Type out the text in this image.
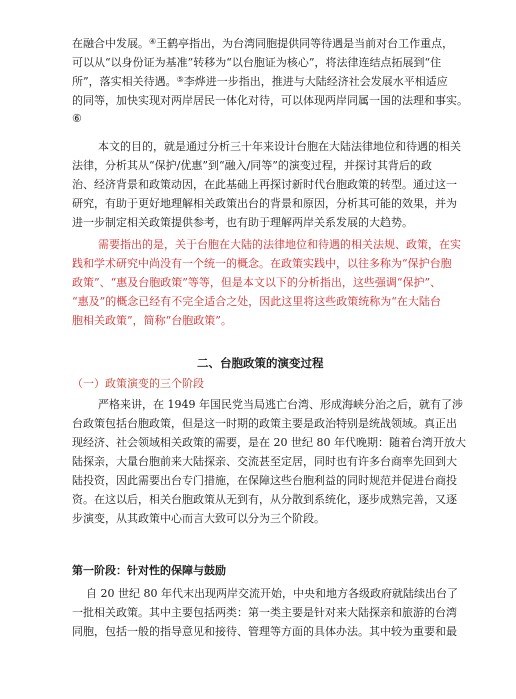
在融合中发展。④王鹤亭指出，为台湾同胞提供同等待遇是当前对台工作重点，
可以从“以身份证为基准”转移为“以台胞证为核心”，将法律连结点拓展到“住
所”，落实相关待遇。⑤李烨进一步指出，推进与大陆经济社会发展水平相适应
的同等，加快实现对两岸居民一体化对待，可以体现两岸同属一国的法理和事实。
⑥
本文的目的，就是通过分析三十年来设计台胞在大陆法律地位和待遇的相关
法律，分析其从“保护/优惠”到“融入/同等”的演变过程，并探讨其背后的政
治、经济背景和政策动因，在此基础上再探讨新时代台胞政策的转型。通过这一
研究，有助于更好地理解相关政策出台的背景和原因，分析其可能的效果，并为
进一步制定相关政策提供参考，也有助于理解两岸关系发展的大趋势。
需要指出的是，关于台胞在大陆的法律地位和待遇的相关法规、政策，在实
践和学术研究中尚没有一个统一的概念。在政策实践中，以往多称为“保护台胞
政策”、“惠及台胞政策”等等，但是本文以下的分析指出，这些强调“保护”、
“惠及”的概念已经有不完全适合之处，因此这里将这些政策统称为“在大陆台
胞相关政策”，简称“台胞政策”。
二、台胞政策的演变过程
（一）政策演变的三个阶段
严格来讲，在 1949 年国民党当局逃亡台湾、形成海峡分治之后，就有了涉
台政策包括台胞政策，但是这一时期的政策主要是政治特别是统战领域。真正出
现经济、社会领域相关政策的需要，是在 20 世纪 80 年代晚期：随着台湾开放大
陆探亲，大量台胞前来大陆探亲、交流甚至定居，同时也有许多台商率先回到大
陆投资，因此需要出台专门措施，在保障这些台胞利益的同时规范并促进台商投
资。在这以后，相关台胞政策从无到有，从分散到系统化，逐步成熟完善，又逐
步演变，从其政策中心而言大致可以分为三个阶段。
第一阶段：针对性的保障与鼓励
自 20 世纪 80 年代末出现两岸交流开始，中央和地方各级政府就陆续出台了
一批相关政策。其中主要包括两类：第一类主要是针对来大陆探亲和旅游的台湾
同胞，包括一般的指导意见和接待、管理等方面的具体办法。其中较为重要和最
